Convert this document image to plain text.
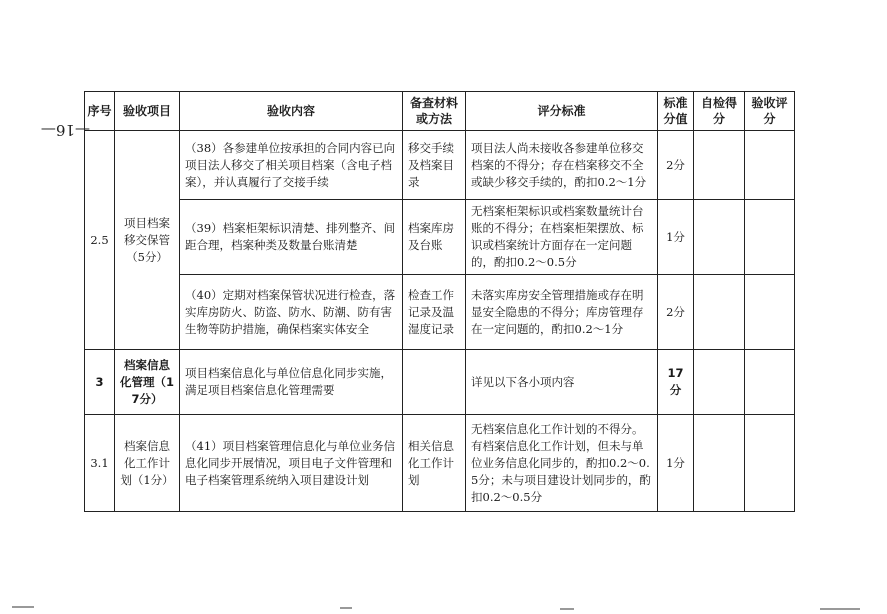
—16—
序号	验收项目	验收内容	备查材料或方法	评分标准	标准分值	自检得分	验收评分
2.5	项目档案移交保管（5分）	（38）各参建单位按承担的合同内容已向项目法人移交了相关项目档案（含电子档案），并认真履行了交接手续	移交手续及档案目录	项目法人尚未接收各参建单位移交档案的不得分；存在档案移交不全或缺少移交手续的，酌扣0.2～1分	2分		
		（39）档案柜架标识清楚、排列整齐、间距合理，档案种类及数量台账清楚	档案库房及台账	无档案柜架标识或档案数量统计台账的不得分；在档案柜架摆放、标识或档案统计方面存在一定问题的，酌扣0.2～0.5分	1分		
		（40）定期对档案保管状况进行检查，落实库房防火、防盗、防水、防潮、防有害生物等防护措施，确保档案实体安全	检查工作记录及温湿度记录	未落实库房安全管理措施或存在明显安全隐患的不得分；库房管理存在一定问题的，酌扣0.2～1分	2分		
3	档案信息化管理（17分）	项目档案信息化与单位信息化同步实施，满足项目档案信息化管理需要		详见以下各小项内容	17分		
3.1	档案信息化工作计划（1分）	（41）项目档案管理信息化与单位业务信息化同步开展情况，项目电子文件管理和电子档案管理系统纳入项目建设计划	相关信息化工作计划	无档案信息化工作计划的不得分。有档案信息化工作计划，但未与单位业务信息化同步的，酌扣0.2～0.5分；未与项目建设计划同步的，酌扣0.2～0.5分	1分		
